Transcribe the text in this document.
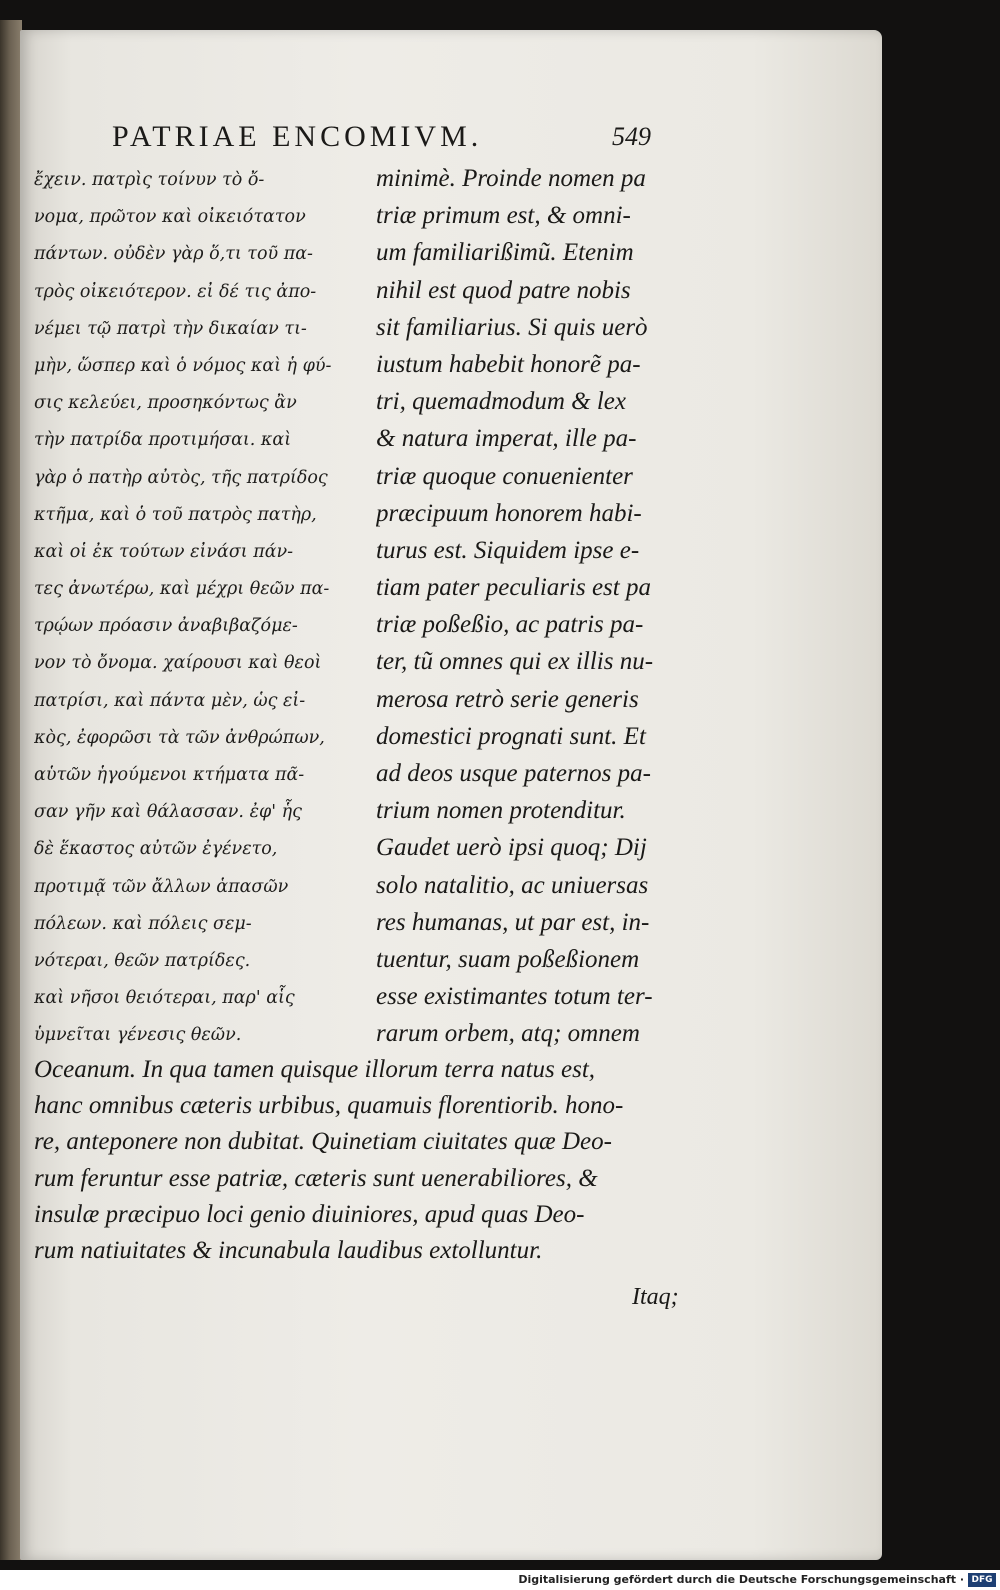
PATRIAE ENCOMIVM.	549
ἔχειν. πατρὶς τοίνυν τὸ ὄ-
νομα, πρῶτον καὶ οἰκειότατον
πάντων. οὐδὲν γὰρ ὅ,τι τοῦ πα-
τρὸς οἰκειότερον. εἰ δέ τις ἀπο-
νέμει τῷ πατρὶ τὴν δικαίαν τι-
μὴν, ὥσπερ καὶ ὁ νόμος καὶ ἡ φύ-
σις κελεύει, προσηκόντως ἂν
τὴν πατρίδα προτιμήσαι. καὶ
γὰρ ὁ πατὴρ αὐτὸς, τῆς πατρίδος
κτῆμα, καὶ ὁ τοῦ πατρὸς πατὴρ,
καὶ οἱ ἐκ τούτων εἰνάσι πάν-
τες ἀνωτέρω, καὶ μέχρι θεῶν πα-
τρῴων πρόασιν ἀναβιβαζόμε-
νον τὸ ὄνομα. χαίρουσι καὶ θεοὶ
πατρίσι, καὶ πάντα μὲν, ὡς εἰ-
κὸς, ἐφορῶσι τὰ τῶν ἀνθρώπων,
αὑτῶν ἡγούμενοι κτήματα πᾶ-
σαν γῆν καὶ θάλασσαν. ἐφ' ἧς
δὲ ἕκαστος αὐτῶν ἐγένετο,
προτιμᾷ τῶν ἄλλων ἁπασῶν
πόλεων. καὶ πόλεις σεμ-
νότεραι, θεῶν πατρίδες.
καὶ νῆσοι θειότεραι, παρ' αἷς
ὑμνεῖται γένεσις θεῶν.
minimè. Proinde nomen pa
triæ primum est, & omni-
um familiarißimũ. Etenim
nihil est quod patre nobis
sit familiarius. Si quis uerò
iustum habebit honorẽ pa-
tri, quemadmodum & lex
& natura imperat, ille pa-
triæ quoque conuenienter
præcipuum honorem habi-
turus est. Siquidem ipse e-
tiam pater peculiaris est pa
triæ poßeßio, ac patris pa-
ter, tũ omnes qui ex illis nu-
merosa retrò serie generis
domestici prognati sunt. Et
ad deos usque paternos pa-
trium nomen protenditur.
Gaudet uerò ipsi quoq; Dij
solo natalitio, ac uniuersas
res humanas, ut par est, in-
tuentur, suam poßeßionem
esse existimantes totum ter-
rarum orbem, atq; omnem
Oceanum. In qua tamen quisque illorum terra natus est,
hanc omnibus cæteris urbibus, quamuis florentiorib. hono-
re, anteponere non dubitat. Quinetiam ciuitates quæ Deo-
rum feruntur esse patriæ, cæteris sunt uenerabiliores, &
insulæ præcipuo loci genio diuiniores, apud quas Deo-
rum natiuitates & incunabula laudibus extolluntur.
Itaq;
Digitalisierung gefördert durch die Deutsche Forschungsgemeinschaft · DFG
